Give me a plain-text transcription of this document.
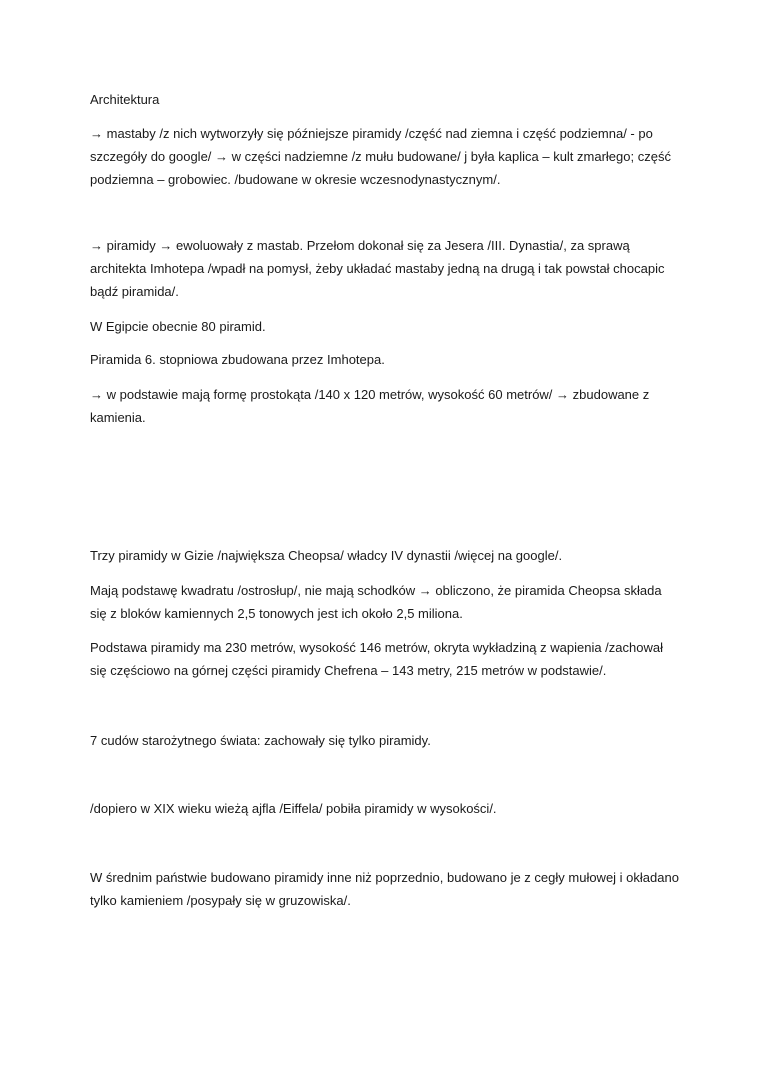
Architektura

→ mastaby /z nich wytworzyły się późniejsze piramidy /część nad ziemna i część podziemna/ - po
szczegóły do google/ → w części nadziemne /z mułu budowane/ j była kaplica – kult zmarłego; część
podziemna – grobowiec. /budowane w okresie wczesnodynastycznym/.

→ piramidy → ewoluowały z mastab. Przełom dokonał się za Jesera /III. Dynastia/, za sprawą
architekta Imhotepa /wpadł na pomysł, żeby układać mastaby jedną na drugą i tak powstał chocapic
bądź piramida/.

W Egipcie obecnie 80 piramid.

Piramida 6. stopniowa zbudowana przez Imhotepa.

→ w podstawie mają formę prostokąta /140 x 120 metrów, wysokość 60 metrów/ → zbudowane z
kamienia.

Trzy piramidy w Gizie /największa Cheopsa/ władcy IV dynastii /więcej na google/.

Mają podstawę kwadratu /ostrosłup/, nie mają schodków → obliczono, że piramida Cheopsa składa
się z bloków kamiennych 2,5 tonowych jest ich około 2,5 miliona.

Podstawa piramidy ma 230 metrów, wysokość 146 metrów, okryta wykładziną z wapienia /zachował
się częściowo na górnej części piramidy Chefrena – 143 metry, 215 metrów w podstawie/.

7 cudów starożytnego świata: zachowały się tylko piramidy.

/dopiero w XIX wieku wieżą ajfla /Eiffela/ pobiła piramidy w wysokości/.

W średnim państwie budowano piramidy inne niż poprzednio, budowano je z cegły mułowej i okładano
tylko kamieniem /posypały się w gruzowiska/.
